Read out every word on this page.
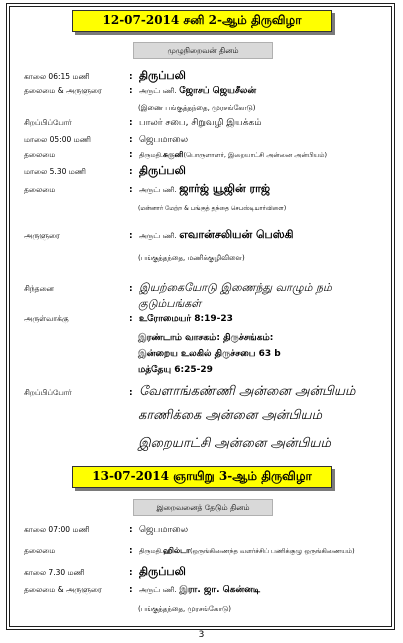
12-07-2014 சனி 2-ஆம் திருவிழா
முழுநிறைவன் தினம்
காலை 06:15 மணி	: திருப்பலி
தலைமை & அருளுரை	: அருட்பணி. ஜோசப் ஜெயசீலன்
(இணை பங்குத்தந்தை, முரசங்கோடு)
சிறப்பிப்போர்	: பாலர் சபை, சிறுவழி இயக்கம்
மாலை 05:00 மணி	: ஜெபமாலை
தலைமை	: திருமதி.சுகுனி(பொருளாளர், இறையாட்சி அன்னை அன்பியம்)
மாலை 5.30 மணி	: திருப்பலி
தலைமை	: அருட்பணி. ஜார்ஜ் யூஜின் ராஜ்
(மன்னார் மேற்ற & பங்குத் தந்தை செபஸ்டியார்விளை)
அருளுரை	: அருட்பணி. எவான்சலியன் பெஸ்கி
(பங்குத்தந்தை, மணிக்குழிவிளை)
சிந்தனை	: இயற்கையோடு இணைந்து வாழும் நம்
குடும்பங்கள்
அருள்வாக்கு	: உரோமையர் 8:19-23
இரண்டாம் வாசகம்: திருச்சங்கம்:
இன்றைய உலகில் திருச்சபை 63 b
மத்தேயு 6:25-29
சிறப்பிப்போர்	: வேளாங்கண்ணி அன்னை அன்பியம்
காணிக்கை அன்னை அன்பியம்
இறையாட்சி அன்னை அன்பியம்
13-07-2014 ஞாயிறு 3-ஆம் திருவிழா
இறைவனைத் தேடும் தினம்
காலை 07:00 மணி	: ஜெபமாலை
தலைமை	: திருமதி.ஹில்டா(ஒருங்கிணைந்த வளர்ச்சிப் பணிக்குழு ஒருங்கிணையம்)
காலை 7.30 மணி	: திருப்பலி
தலைமை & அருளுரை	: அருட்பணி. இரா. ஜா. கென்னடி
(பங்குத்தந்தை, முரசங்கோடு)
3
